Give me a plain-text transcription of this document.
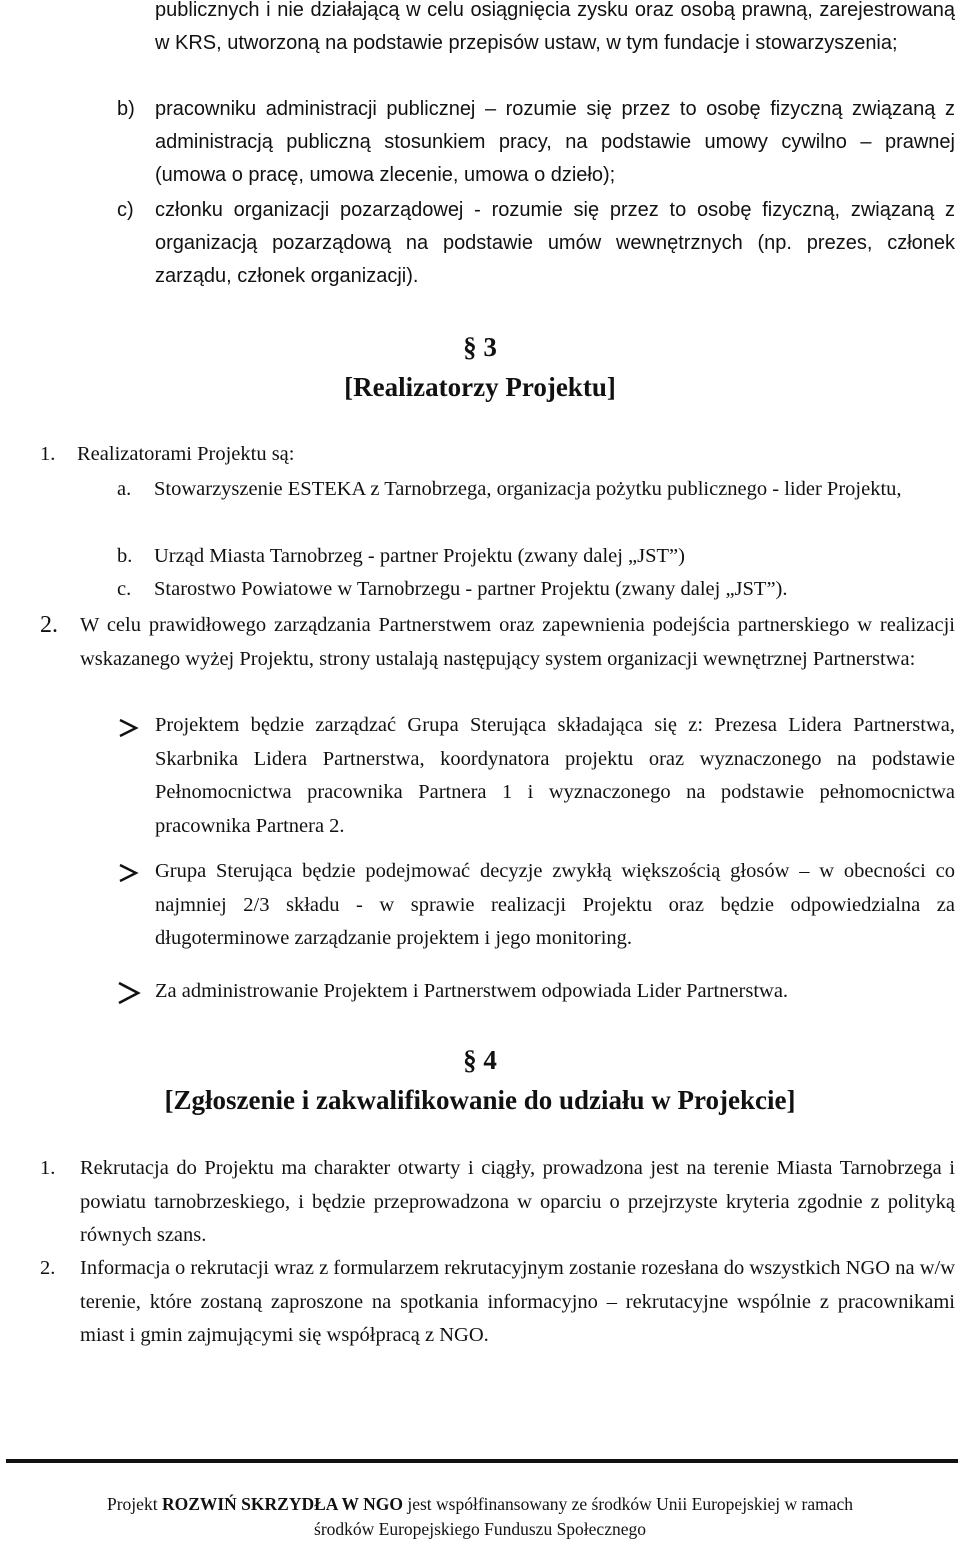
publicznych i nie działającą w celu osiągnięcia zysku oraz osobą prawną, zarejestrowaną w KRS, utworzoną na podstawie przepisów ustaw, w tym fundacje i stowarzyszenia;
b)	pracowniku administracji publicznej – rozumie się przez to osobę fizyczną związaną z administracją publiczną stosunkiem pracy, na podstawie umowy cywilno – prawnej (umowa o pracę, umowa zlecenie, umowa o dzieło);
c)	członku organizacji pozarządowej - rozumie się przez to osobę fizyczną, związaną z organizacją pozarządową na podstawie umów wewnętrznych (np. prezes, członek zarządu, członek organizacji).
§ 3
[Realizatorzy Projektu]
1.	Realizatorami Projektu są:
a.	Stowarzyszenie ESTEKA z Tarnobrzega, organizacja pożytku publicznego - lider Projektu,
b.	Urząd Miasta Tarnobrzeg - partner Projektu (zwany dalej „JST”)
c.	Starostwo Powiatowe w Tarnobrzegu - partner Projektu (zwany dalej „JST”).
2.	W celu prawidłowego zarządzania Partnerstwem oraz zapewnienia podejścia partnerskiego w realizacji wskazanego wyżej Projektu, strony ustalają następujący system organizacji wewnętrznej Partnerstwa:
Projektem będzie zarządzać Grupa Sterująca składająca się z: Prezesa Lidera Partnerstwa, Skarbnika Lidera Partnerstwa, koordynatora projektu oraz wyznaczonego na podstawie Pełnomocnictwa pracownika Partnera 1 i wyznaczonego na podstawie pełnomocnictwa pracownika Partnera 2.
Grupa Sterująca będzie podejmować decyzje zwykłą większością głosów – w obecności co najmniej 2/3 składu - w sprawie realizacji Projektu oraz będzie odpowiedzialna za długoterminowe zarządzanie projektem i jego monitoring.
Za administrowanie Projektem i Partnerstwem odpowiada Lider Partnerstwa.
§ 4
[Zgłoszenie i zakwalifikowanie do udziału w Projekcie]
1.	Rekrutacja do Projektu ma charakter otwarty i ciągły, prowadzona jest na terenie Miasta Tarnobrzega i powiatu tarnobrzeskiego, i będzie przeprowadzona w oparciu o przejrzyste kryteria zgodnie z polityką równych szans.
2.	Informacja o rekrutacji wraz z formularzem rekrutacyjnym zostanie rozesłana do wszystkich NGO na w/w terenie, które zostaną zaproszone na spotkania informacyjno – rekrutacyjne wspólnie z pracownikami miast i gmin zajmującymi się współpracą z NGO.
Projekt ROZWIŃ SKRZYDŁA W NGO jest współfinansowany ze środków Unii Europejskiej w ramach
środków Europejskiego Funduszu Społecznego
